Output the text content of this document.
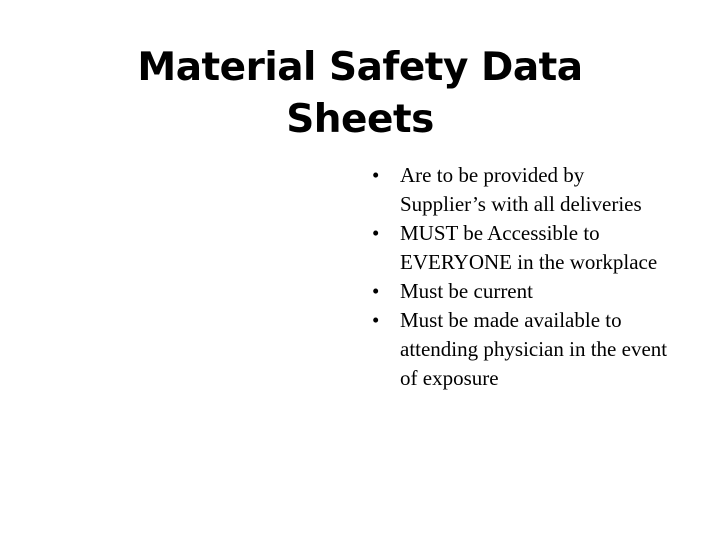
Material Safety Data
Sheets
• Are to be provided by Supplier’s with all deliveries
• MUST be Accessible to EVERYONE in the workplace
• Must be current
• Must be made available to attending physician in the event of exposure
